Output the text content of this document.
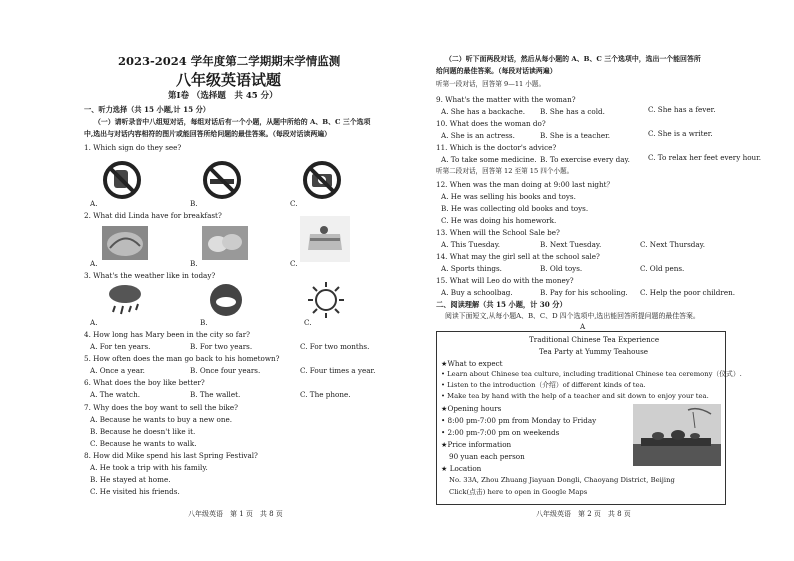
2023-2024 学年度第二学期期末学情监测
八年级英语试题
第Ⅰ卷 （选择题　共 45 分）
一、听力选择（共 15 小题,计 15 分）
（一）请听录音中八组短对话，每组对话后有一个小题，从题中所给的 A、B、C 三个选项
中,选出与对话内容相符的图片或能回答所给问题的最佳答案。（每段对话读两遍）
1. Which sign do they see?
A.	B.	C.
2. What did Linda have for breakfast?
A.	B.	C.
3. What's the weather like in today?
A.	B.	C.
4. How long has Mary been in the city so far?
A. For ten years.	B. For two years.	C. For two months.
5. How often does the man go back to his hometown?
A. Once a year.	B. Once four years.	C. Four times a year.
6. What does the boy like better?
A. The watch.	B. The wallet.	C. The phone.
7. Why does the boy want to sell the bike?
A. Because he wants to buy a new one.
B. Because he doesn't like it.
C. Because he wants to walk.
8. How did Mike spend his last Spring Festival?
A. He took a trip with his family.
B. He stayed at home.
C. He visited his friends.
八年级英语　第 1 页　共 8 页
（二）听下面两段对话，然后从每小题的 A、B、C 三个选项中，选出一个能回答所
给问题的最佳答案。（每段对话读两遍）
听第一段对话，回答第 9—11 小题。
9. What's the matter with the woman?
A. She has a backache. B. She has a cold.	C. She has a fever.
10. What does the woman do?
A. She is an actress.	B. She is a teacher.	C. She is a writer.
11. Which is the doctor's advice?
A. To take some medicine. B. To exercise every day.	C. To relax her feet every hour.
听第二段对话，回答第 12 至第 15 四个小题。
12. When was the man doing at 9:00 last night？
A. He was selling his books and toys.
B. He was collecting old books and toys.
C. He was doing his homework.
13. When will the School Sale be?
A. This Tuesday.	B. Next Tuesday.	C. Next Thursday.
14. What may the girl sell at the school sale?
A. Sports things.	B. Old toys.	C. Old pens.
15. What will Leo do with the money?
A. Buy a schoolbag.	B. Pay for his schooling. C. Help the poor children.
二、阅读理解（共 15 小题，计 30 分）
阅读下面短文,从每小题A、B、C、D 四个选项中,选出能回答所提问题的最佳答案。
A
Traditional Chinese Tea Experience
Tea Party at Yummy Teahouse
★What to expect
• Learn about Chinese tea culture, including traditional Chinese tea ceremony（仪式）.
• Listen to the introduction（介绍）of different kinds of tea.
• Make tea by hand with the help of a teacher and sit down to enjoy your tea.
★Opening hours
• 8:00 pm-7:00 pm from Monday to Friday
• 2:00 pm-7:00 pm on weekends
★Price information
90 yuan each person
★ Location
No. 33A, Zhou Zhuang Jiayuan Dongli, Chaoyang District, Beijing
Click(点击) here to open in Google Maps
八年级英语　第 2 页　共 8 页
